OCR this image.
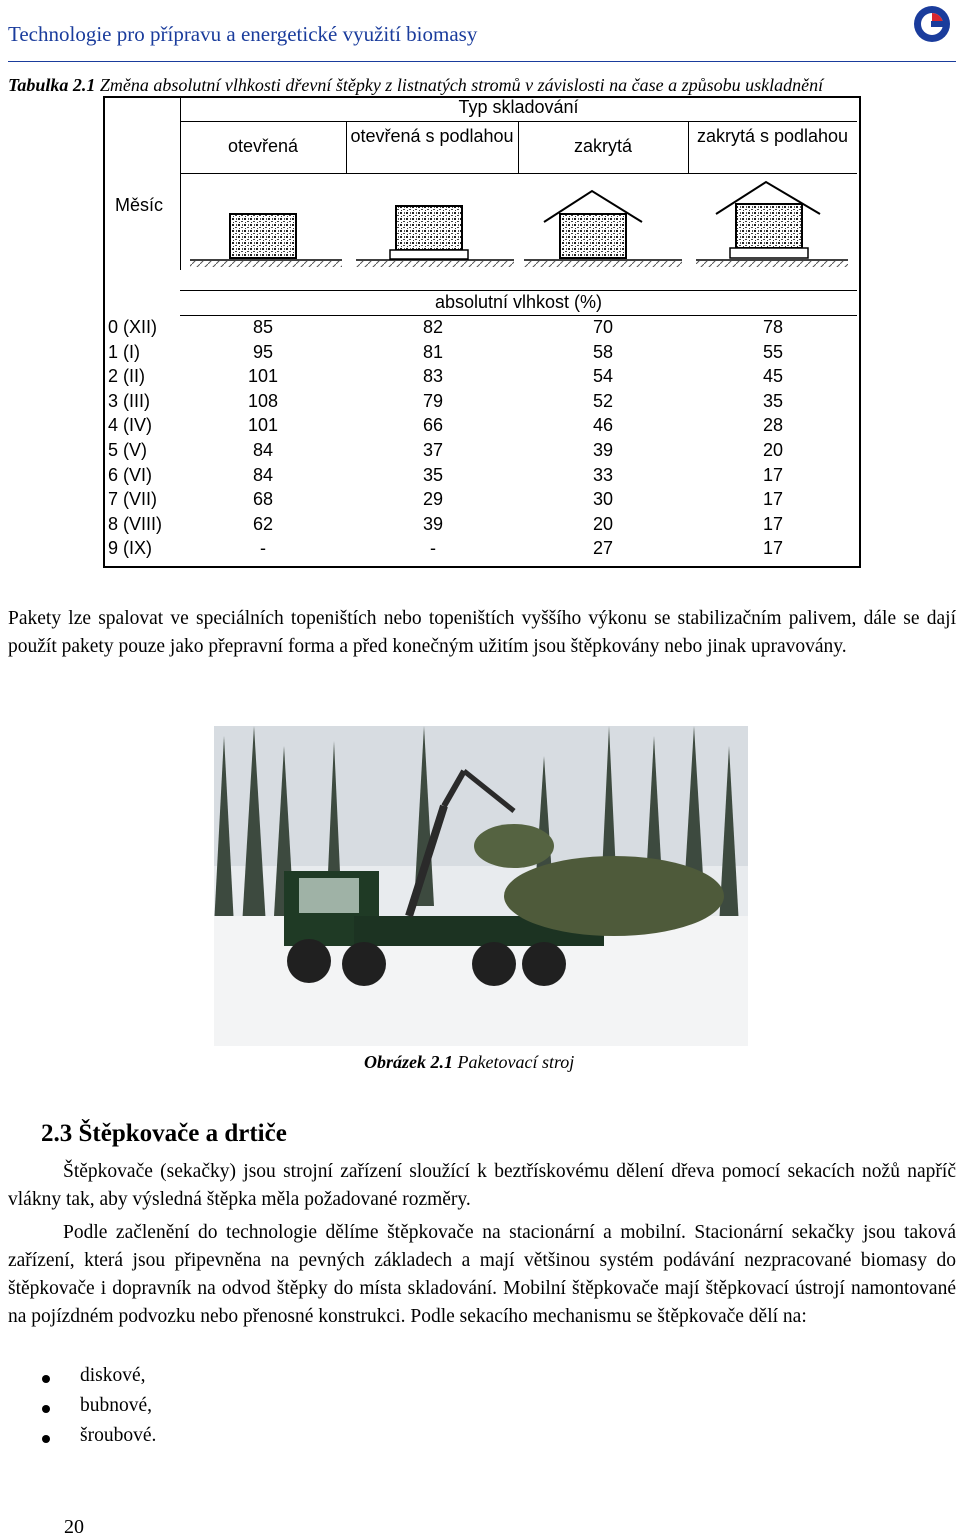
Technologie pro přípravu a energetické využití biomasy
Tabulka 2.1 Změna absolutní vlhkosti dřevní štěpky z listnatých stromů v závislosti na čase a způsobu uskladnění
Typ skladování
otevřená	otevřená s podlahou	zakrytá	zakrytá s podlahou
Měsíc
absolutní vlhkost (%)
0 (XII)	85	82	70	78
1 (I)	95	81	58	55
2 (II)	101	83	54	45
3 (III)	108	79	52	35
4 (IV)	101	66	46	28
5 (V)	84	37	39	20
6 (VI)	84	35	33	17
7 (VII)	68	29	30	17
8 (VIII)	62	39	20	17
9 (IX)	-	-	27	17
Pakety lze spalovat ve speciálních topeništích nebo topeništích vyššího výkonu se stabilizačním palivem, dále se dají použít pakety pouze jako přepravní forma a před konečným užitím jsou štěpkovány nebo jinak upravovány.
Obrázek 2.1 Paketovací stroj
2.3 Štěpkovače a drtiče
Štěpkovače (sekačky) jsou strojní zařízení sloužící k beztřískovému dělení dřeva pomocí sekacích nožů napříč vlákny tak, aby výsledná štěpka měla požadované rozměry.
Podle začlenění do technologie dělíme štěpkovače na stacionární a mobilní. Stacionární sekačky jsou taková zařízení, která jsou připevněna na pevných základech a mají většinou systém podávání nezpracované biomasy do štěpkovače i dopravník na odvod štěpky do místa skladování. Mobilní štěpkovače mají štěpkovací ústrojí namontované na pojízdném podvozku nebo přenosné konstrukci. Podle sekacího mechanismu se štěpkovače dělí na:
diskové,
bubnové,
šroubové.
20
